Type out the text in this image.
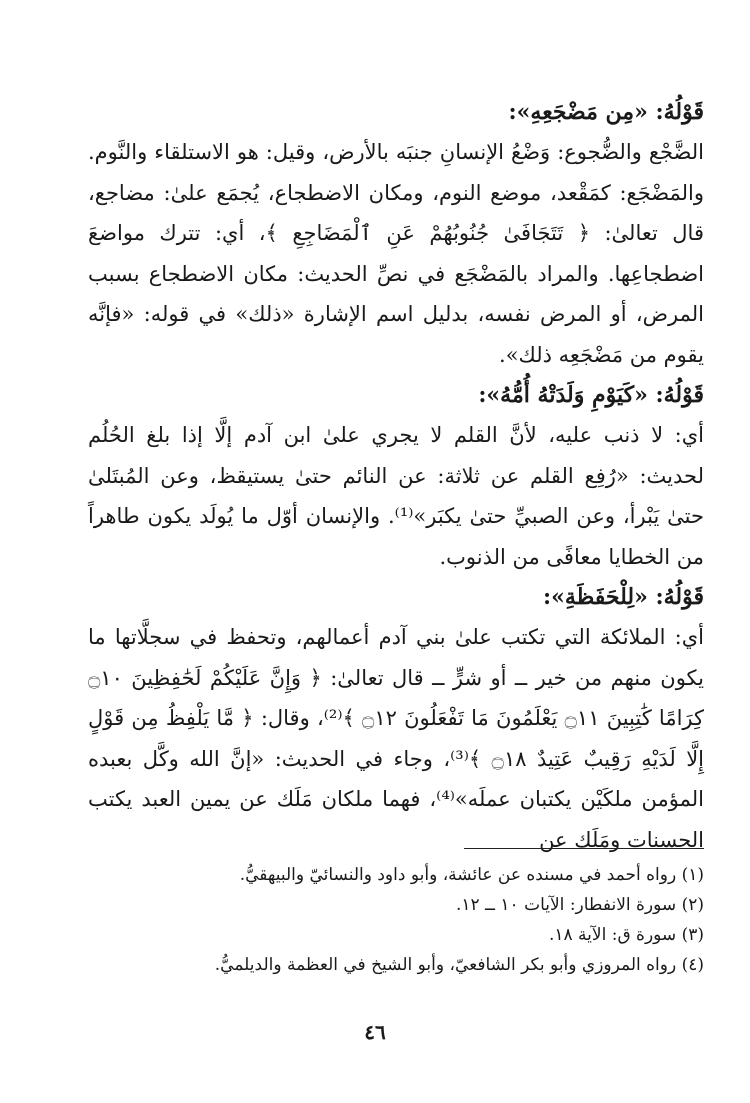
قَوْلُهُ: «مِن مَضْجَعِهِ»:

الضَّجْع والضُّجوع: وَضْعُ الإنسانِ جنبَه بالأرض، وقيل: هو الاستلقاء والنَّوم. والمَضْجَع: كمَقْعد، موضع النوم، ومكان الاضطجاع، يُجمَع علىٰ: مضاجع، قال تعالىٰ: ﴿ تَتَجَافَىٰ جُنُوبُهُمْ عَنِ ٱلْمَضَاجِعِ ﴾، أي: تترك مواضعَ اضطجاعِها. والمراد بالمَضْجَع في نصِّ الحديث: مكان الاضطجاع بسبب المرض، أو المرض نفسه، بدليل اسم الإشارة «ذلك» في قوله: «فإنَّه يقوم من مَضْجَعِه ذلك».

قَوْلُهُ: «كَيَوْمِ وَلَدَتْهُ أُمُّهُ»:

أي: لا ذنب عليه، لأنَّ القلم لا يجري علىٰ ابن آدم إلَّا إذا بلغ الحُلُم لحديث: «رُفِع القلم عن ثلاثة: عن النائم حتىٰ يستيقظ، وعن المُبتَلىٰ حتىٰ يَبْرأ، وعن الصبيِّ حتىٰ يكبَر»⁽¹⁾. والإنسان أوّل ما يُولَد يكون طاهراً من الخطايا معافًى من الذنوب.

قَوْلُهُ: «لِلْحَفَظَةِ»:

أي: الملائكة التي تكتب علىٰ بني آدم أعمالهم، وتحفظ في سجلَّاتها ما يكون منهم من خير ــ أو شرٍّ ــ قال تعالىٰ: ﴿ وَإِنَّ عَلَيْكُمْ لَحَٰفِظِينَ ۝١٠ كِرَامًا كَٰتِبِينَ ۝١١ يَعْلَمُونَ مَا تَفْعَلُونَ ۝١٢ ﴾⁽²⁾، وقال: ﴿ مَّا يَلْفِظُ مِن قَوْلٍ إِلَّا لَدَيْهِ رَقِيبٌ عَتِيدٌ ۝١٨ ﴾⁽³⁾، وجاء في الحديث: «إنَّ الله وكَّل بعبده المؤمن ملكَيْن يكتبان عملَه»⁽⁴⁾، فهما ملكان مَلَك عن يمين العبد يكتب الحسنات ومَلَك عن

(١) رواه أحمد في مسنده عن عائشة، وأبو داود والنسائيّ والبيهقيُّ.

(٢) سورة الانفطار: الآيات ١٠ ــ ١٢.

(٣) سورة ق: الآية ١٨.

(٤) رواه المروزي وأبو بكر الشافعيّ، وأبو الشيخ في العظمة والديلميُّ.

٤٦
